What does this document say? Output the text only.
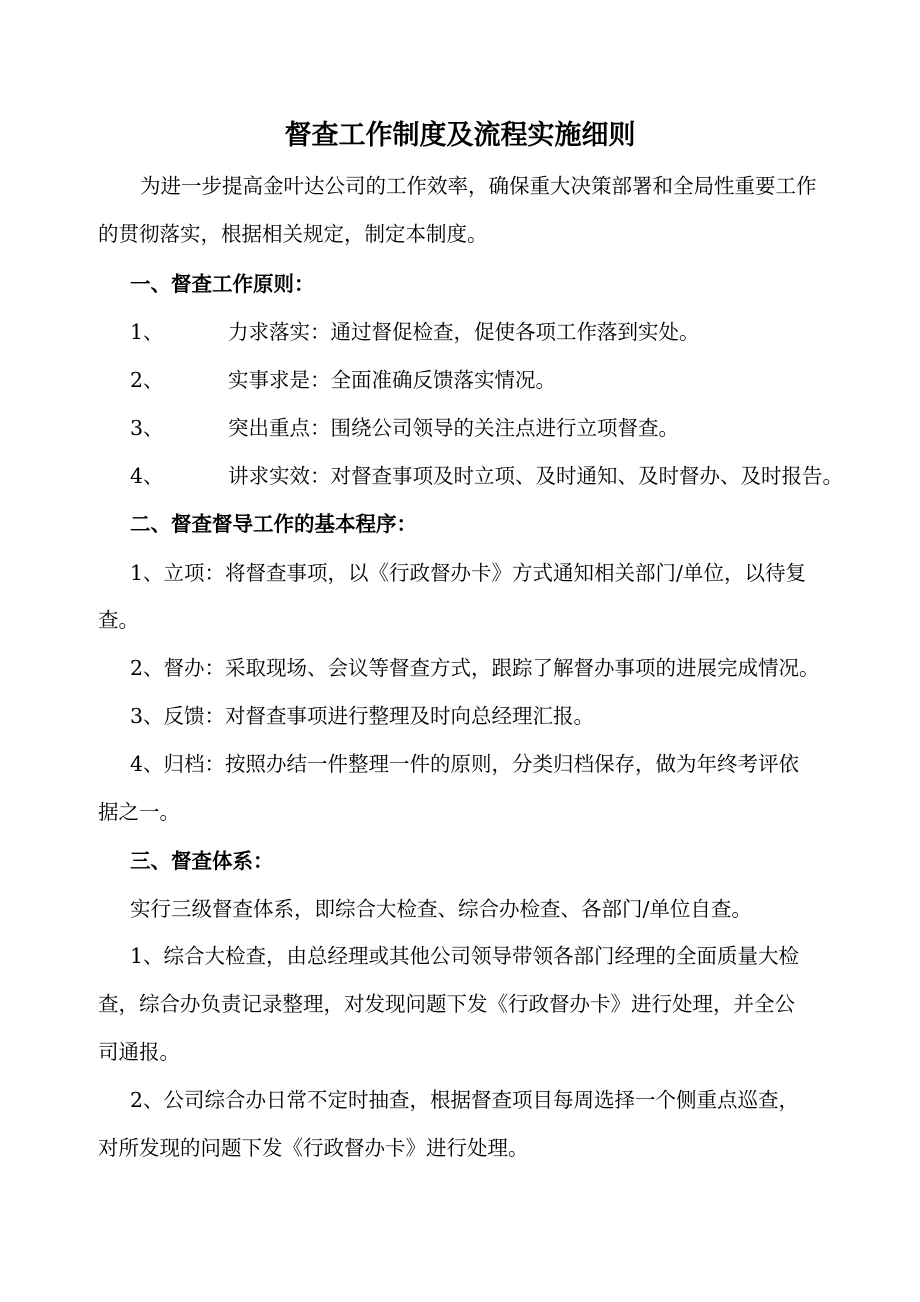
督查工作制度及流程实施细则
为进一步提高金叶达公司的工作效率，确保重大决策部署和全局性重要工作
的贯彻落实，根据相关规定，制定本制度。
一、督查工作原则：
1、	力求落实：通过督促检查，促使各项工作落到实处。
2、	实事求是：全面准确反馈落实情况。
3、	突出重点：围绕公司领导的关注点进行立项督查。
4、	讲求实效：对督查事项及时立项、及时通知、及时督办、及时报告。
二、督查督导工作的基本程序：
1、立项：将督查事项，以《行政督办卡》方式通知相关部门/单位，以待复
查。
2、督办：采取现场、会议等督查方式，跟踪了解督办事项的进展完成情况。
3、反馈：对督查事项进行整理及时向总经理汇报。
4、归档：按照办结一件整理一件的原则，分类归档保存，做为年终考评依
据之一。
三、督查体系：
实行三级督查体系，即综合大检查、综合办检查、各部门/单位自查。
1、综合大检查，由总经理或其他公司领导带领各部门经理的全面质量大检
查，综合办负责记录整理，对发现问题下发《行政督办卡》进行处理，并全公
司通报。
2、公司综合办日常不定时抽查，根据督查项目每周选择一个侧重点巡查，
对所发现的问题下发《行政督办卡》进行处理。
